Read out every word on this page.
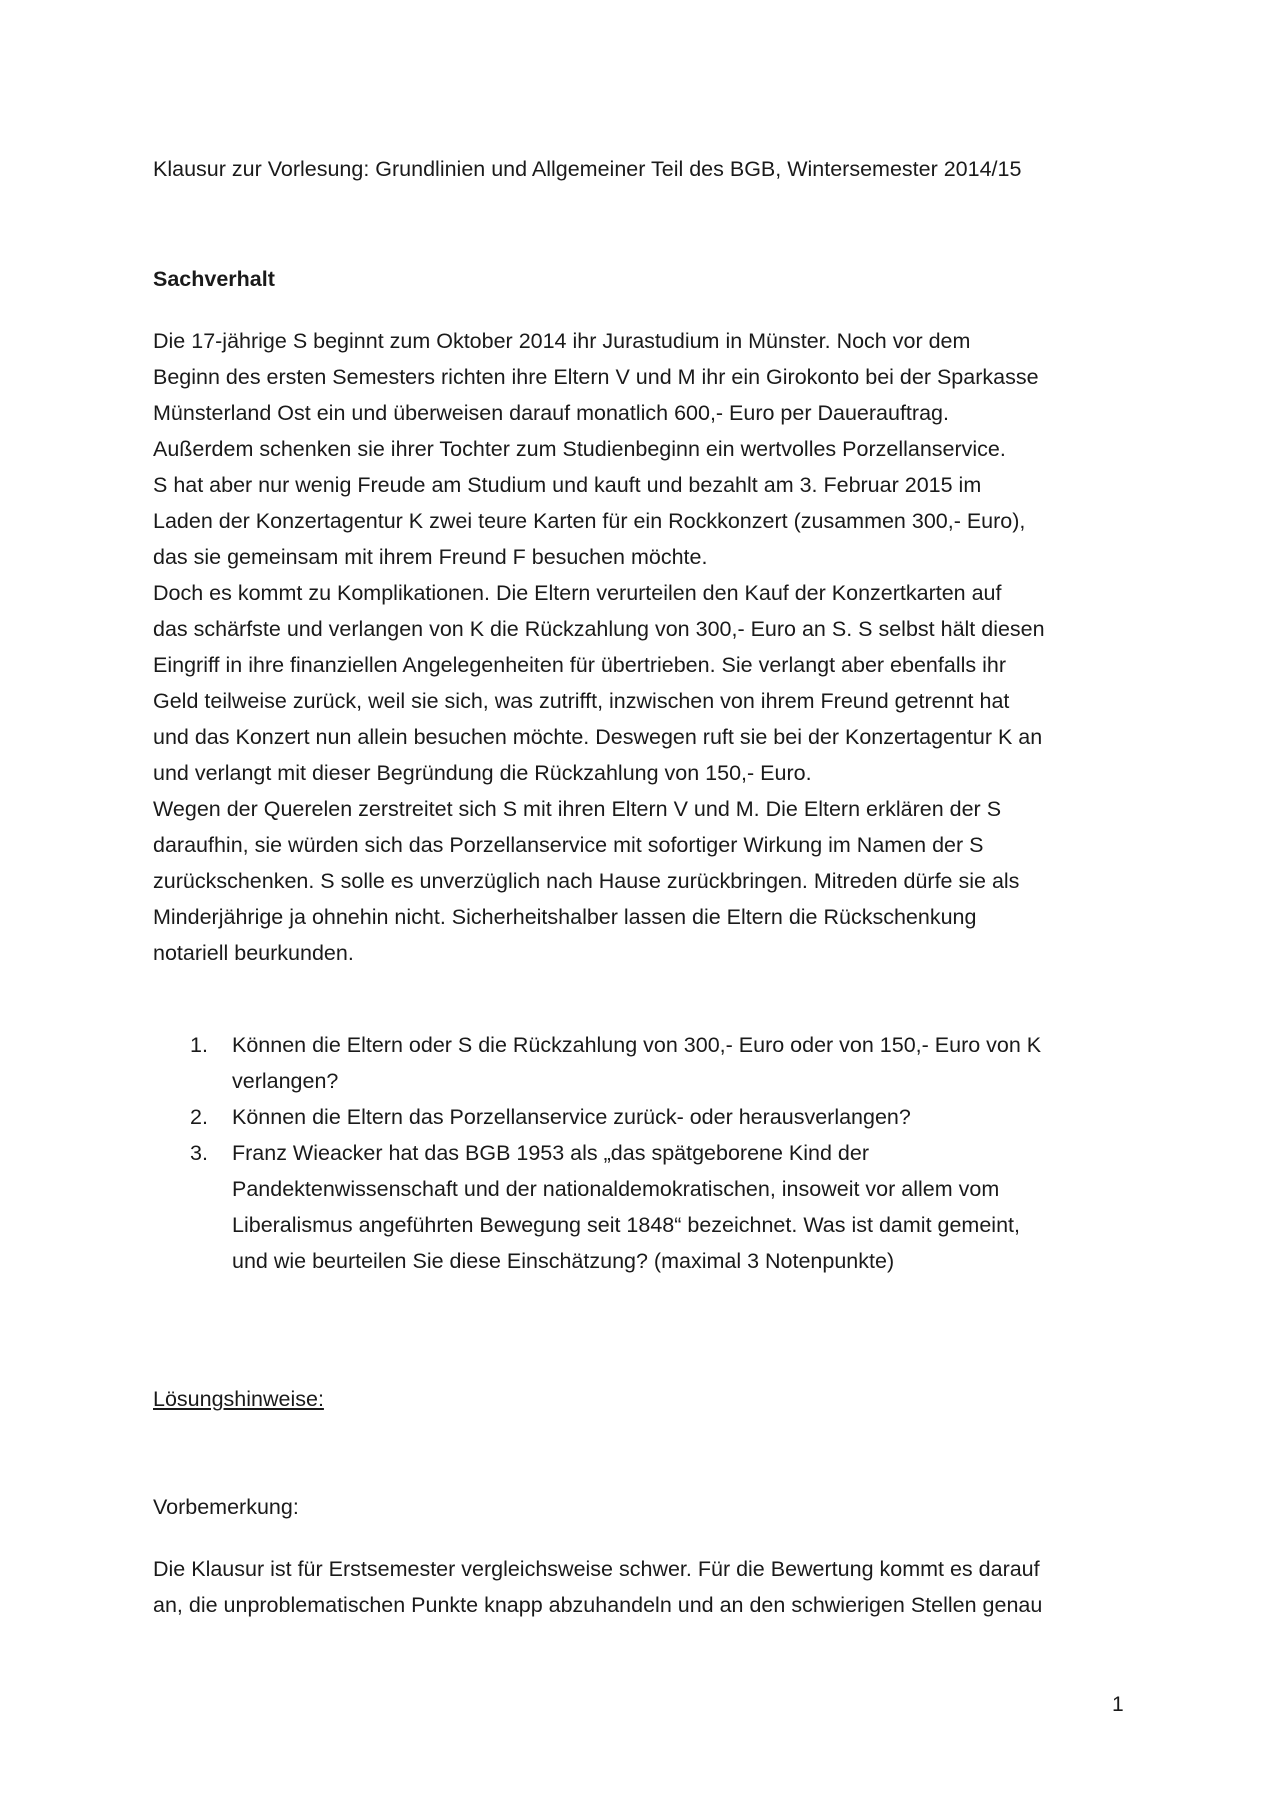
Klausur zur Vorlesung: Grundlinien und Allgemeiner Teil des BGB, Wintersemester 2014/15

Sachverhalt

Die 17-jährige S beginnt zum Oktober 2014 ihr Jurastudium in Münster. Noch vor dem

Beginn des ersten Semesters richten ihre Eltern V und M ihr ein Girokonto bei der Sparkasse

Münsterland Ost ein und überweisen darauf monatlich 600,- Euro per Dauerauftrag.

Außerdem schenken sie ihrer Tochter zum Studienbeginn ein wertvolles Porzellanservice.

S hat aber nur wenig Freude am Studium und kauft und bezahlt am 3. Februar 2015 im

Laden der Konzertagentur K zwei teure Karten für ein Rockkonzert (zusammen 300,- Euro),

das sie gemeinsam mit ihrem Freund F besuchen möchte.

Doch es kommt zu Komplikationen. Die Eltern verurteilen den Kauf der Konzertkarten auf

das schärfste und verlangen von K die Rückzahlung von 300,- Euro an S. S selbst hält diesen

Eingriff in ihre finanziellen Angelegenheiten für übertrieben. Sie verlangt aber ebenfalls ihr

Geld teilweise zurück, weil sie sich, was zutrifft, inzwischen von ihrem Freund getrennt hat

und das Konzert nun allein besuchen möchte. Deswegen ruft sie bei der Konzertagentur K an

und verlangt mit dieser Begründung die Rückzahlung von 150,- Euro.

Wegen der Querelen zerstreitet sich S mit ihren Eltern V und M. Die Eltern erklären der S

daraufhin, sie würden sich das Porzellanservice mit sofortiger Wirkung im Namen der S

zurückschenken. S solle es unverzüglich nach Hause zurückbringen. Mitreden dürfe sie als

Minderjährige ja ohnehin nicht. Sicherheitshalber lassen die Eltern die Rückschenkung

notariell beurkunden.

1. Können die Eltern oder S die Rückzahlung von 300,- Euro oder von 150,- Euro von K
verlangen?
2. Können die Eltern das Porzellanservice zurück- oder herausverlangen?
3. Franz Wieacker hat das BGB 1953 als „das spätgeborene Kind der
Pandektenwissenschaft und der nationaldemokratischen, insoweit vor allem vom
Liberalismus angeführten Bewegung seit 1848“ bezeichnet. Was ist damit gemeint,
und wie beurteilen Sie diese Einschätzung? (maximal 3 Notenpunkte)

Lösungshinweise:

Vorbemerkung:

Die Klausur ist für Erstsemester vergleichsweise schwer. Für die Bewertung kommt es darauf

an, die unproblematischen Punkte knapp abzuhandeln und an den schwierigen Stellen genau

1
